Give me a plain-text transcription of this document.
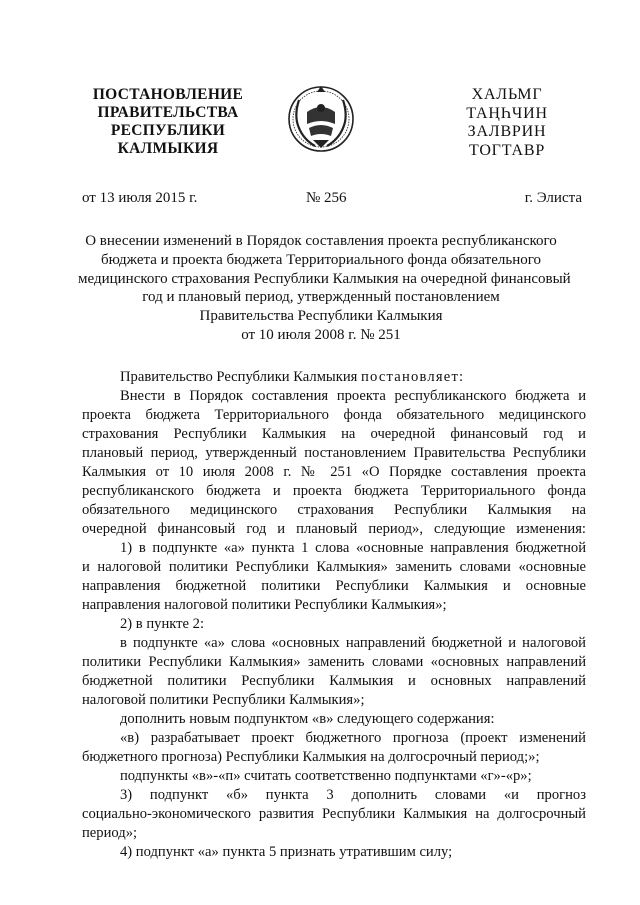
ПОСТАНОВЛЕНИЕ
ПРАВИТЕЛЬСТВА
РЕСПУБЛИКИ
КАЛМЫКИЯ
ХАЛЬМГ
ТАҢҺЧИН
ЗАЛВРИН
ТОГТАВР
от 13 июля 2015 г.	№ 256	г. Элиста
О внесении изменений в Порядок составления проекта республиканского
бюджета и проекта бюджета Территориального фонда обязательного
медицинского страхования Республики Калмыкия на очередной финансовый
год и плановый период, утвержденный постановлением
Правительства Республики Калмыкия
от 10 июля 2008 г. № 251
Правительство Республики Калмыкия постановляет:
Внести в Порядок составления проекта республиканского бюджета и
проекта бюджета Территориального фонда обязательного медицинского
страхования Республики Калмыкия на очередной финансовый год и
плановый период, утвержденный постановлением Правительства Республики
Калмыкия от 10 июля 2008 г. № 251 «О Порядке составления проекта
республиканского бюджета и проекта бюджета Территориального фонда
обязательного медицинского страхования Республики Калмыкия на
очередной финансовый год и плановый период», следующие изменения:
1) в подпункте «а» пункта 1 слова «основные направления бюджетной
и налоговой политики Республики Калмыкия» заменить словами «основные
направления бюджетной политики Республики Калмыкия и основные
направления налоговой политики Республики Калмыкия»;
2) в пункте 2:
в подпункте «а» слова «основных направлений бюджетной и налоговой
политики Республики Калмыкия» заменить словами «основных направлений
бюджетной политики Республики Калмыкия и основных направлений
налоговой политики Республики Калмыкия»;
дополнить новым подпунктом «в» следующего содержания:
«в) разрабатывает проект бюджетного прогноза (проект изменений
бюджетного прогноза) Республики Калмыкия на долгосрочный период;»;
подпункты «в»-«п» считать соответственно подпунктами «г»-«р»;
3) подпункт «б» пункта 3 дополнить словами «и прогноз
социально-экономического развития Республики Калмыкия на долгосрочный
период»;
4) подпункт «а» пункта 5 признать утратившим силу;
